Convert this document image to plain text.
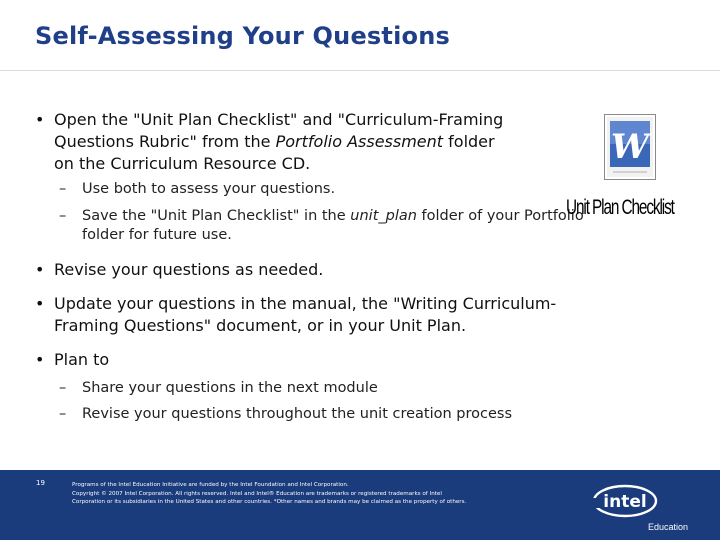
Self-Assessing Your Questions
• Open the "Unit Plan Checklist" and "Curriculum-Framing
Questions Rubric" from the Portfolio Assessment folder
on the Curriculum Resource CD.
– Use both to assess your questions.
– Save the "Unit Plan Checklist" in the unit_plan folder of your Portfolio
folder for future use.
• Revise your questions as needed.
• Update your questions in the manual, the "Writing Curriculum-
Framing Questions" document, or in your Unit Plan.
• Plan to
– Share your questions in the next module
– Revise your questions throughout the unit creation process
W
Unit Plan Checklist
19	Programs of the Intel Education Initiative are funded by the Intel Foundation and Intel Corporation.
Copyright © 2007 Intel Corporation. All rights reserved. Intel and Intel® Education are trademarks or registered trademarks of Intel
Corporation or its subsidiaries in the United States and other countries. *Other names and brands may be claimed as the property of others.	intel
Education
